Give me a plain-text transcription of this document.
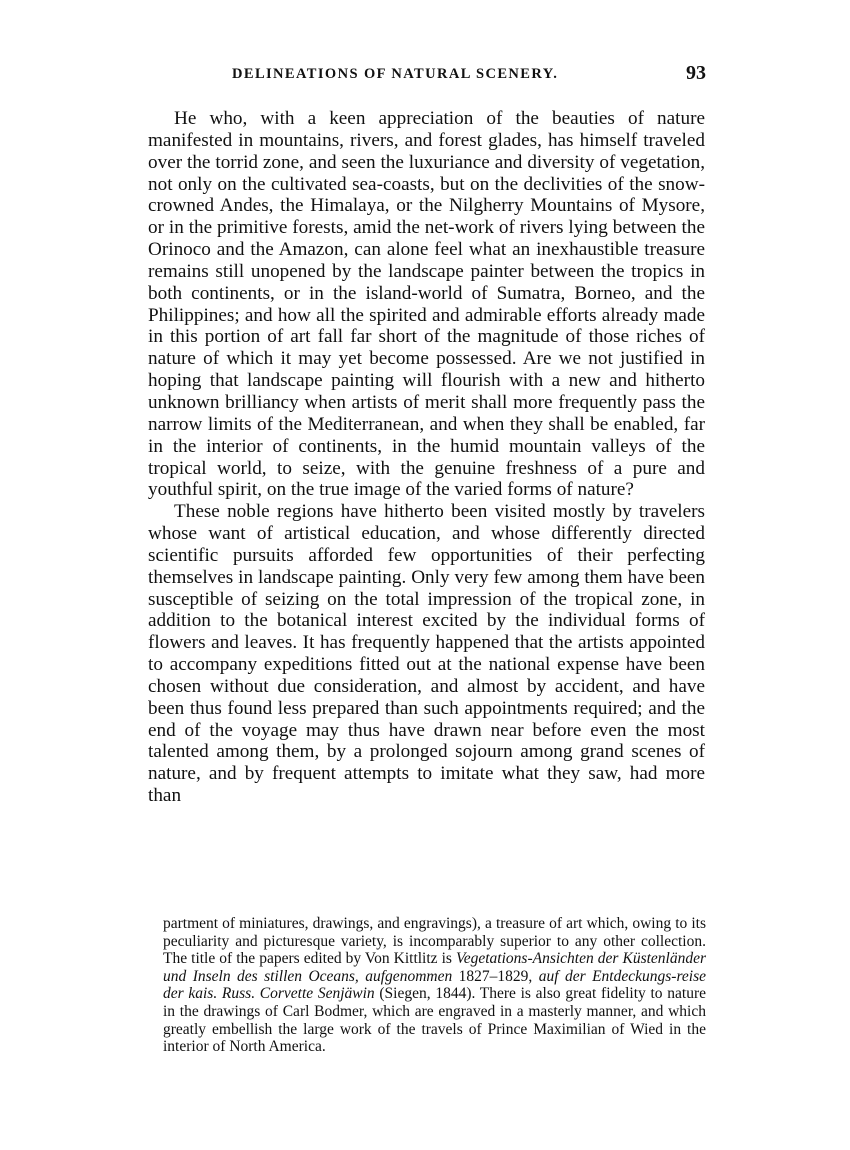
DELINEATIONS OF NATURAL SCENERY.	93

He who, with a keen appreciation of the beauties of nature manifested in mountains, rivers, and forest glades, has himself traveled over the torrid zone, and seen the luxuriance and diversity of vegetation, not only on the cultivated sea-coasts, but on the declivities of the snow-crowned Andes, the Himalaya, or the Nilgherry Mountains of Mysore, or in the primitive forests, amid the net-work of rivers lying between the Orinoco and the Amazon, can alone feel what an inexhaustible treasure remains still unopened by the landscape painter between the tropics in both continents, or in the island-world of Sumatra, Borneo, and the Philippines; and how all the spirited and admirable efforts already made in this portion of art fall far short of the magnitude of those riches of nature of which it may yet become possessed. Are we not justified in hoping that landscape painting will flourish with a new and hitherto unknown brilliancy when artists of merit shall more frequently pass the narrow limits of the Mediterranean, and when they shall be enabled, far in the interior of continents, in the humid mountain valleys of the tropical world, to seize, with the genuine freshness of a pure and youthful spirit, on the true image of the varied forms of nature?

These noble regions have hitherto been visited mostly by travelers whose want of artistical education, and whose differently directed scientific pursuits afforded few opportunities of their perfecting themselves in landscape painting. Only very few among them have been susceptible of seizing on the total impression of the tropical zone, in addition to the botanical interest excited by the individual forms of flowers and leaves. It has frequently happened that the artists appointed to accompany expeditions fitted out at the national expense have been chosen without due consideration, and almost by accident, and have been thus found less prepared than such appointments required; and the end of the voyage may thus have drawn near before even the most talented among them, by a prolonged sojourn among grand scenes of nature, and by frequent attempts to imitate what they saw, had more than

partment of miniatures, drawings, and engravings), a treasure of art which, owing to its peculiarity and picturesque variety, is incomparably superior to any other collection. The title of the papers edited by Von Kittlitz is Vegetations-Ansichten der Küstenländer und Inseln des stillen Oceans, aufgenommen 1827–1829, auf der Entdeckungs-reise der kais. Russ. Corvette Senjäwin (Siegen, 1844). There is also great fidelity to nature in the drawings of Carl Bodmer, which are engraved in a masterly manner, and which greatly embellish the large work of the travels of Prince Maximilian of Wied in the interior of North America.
